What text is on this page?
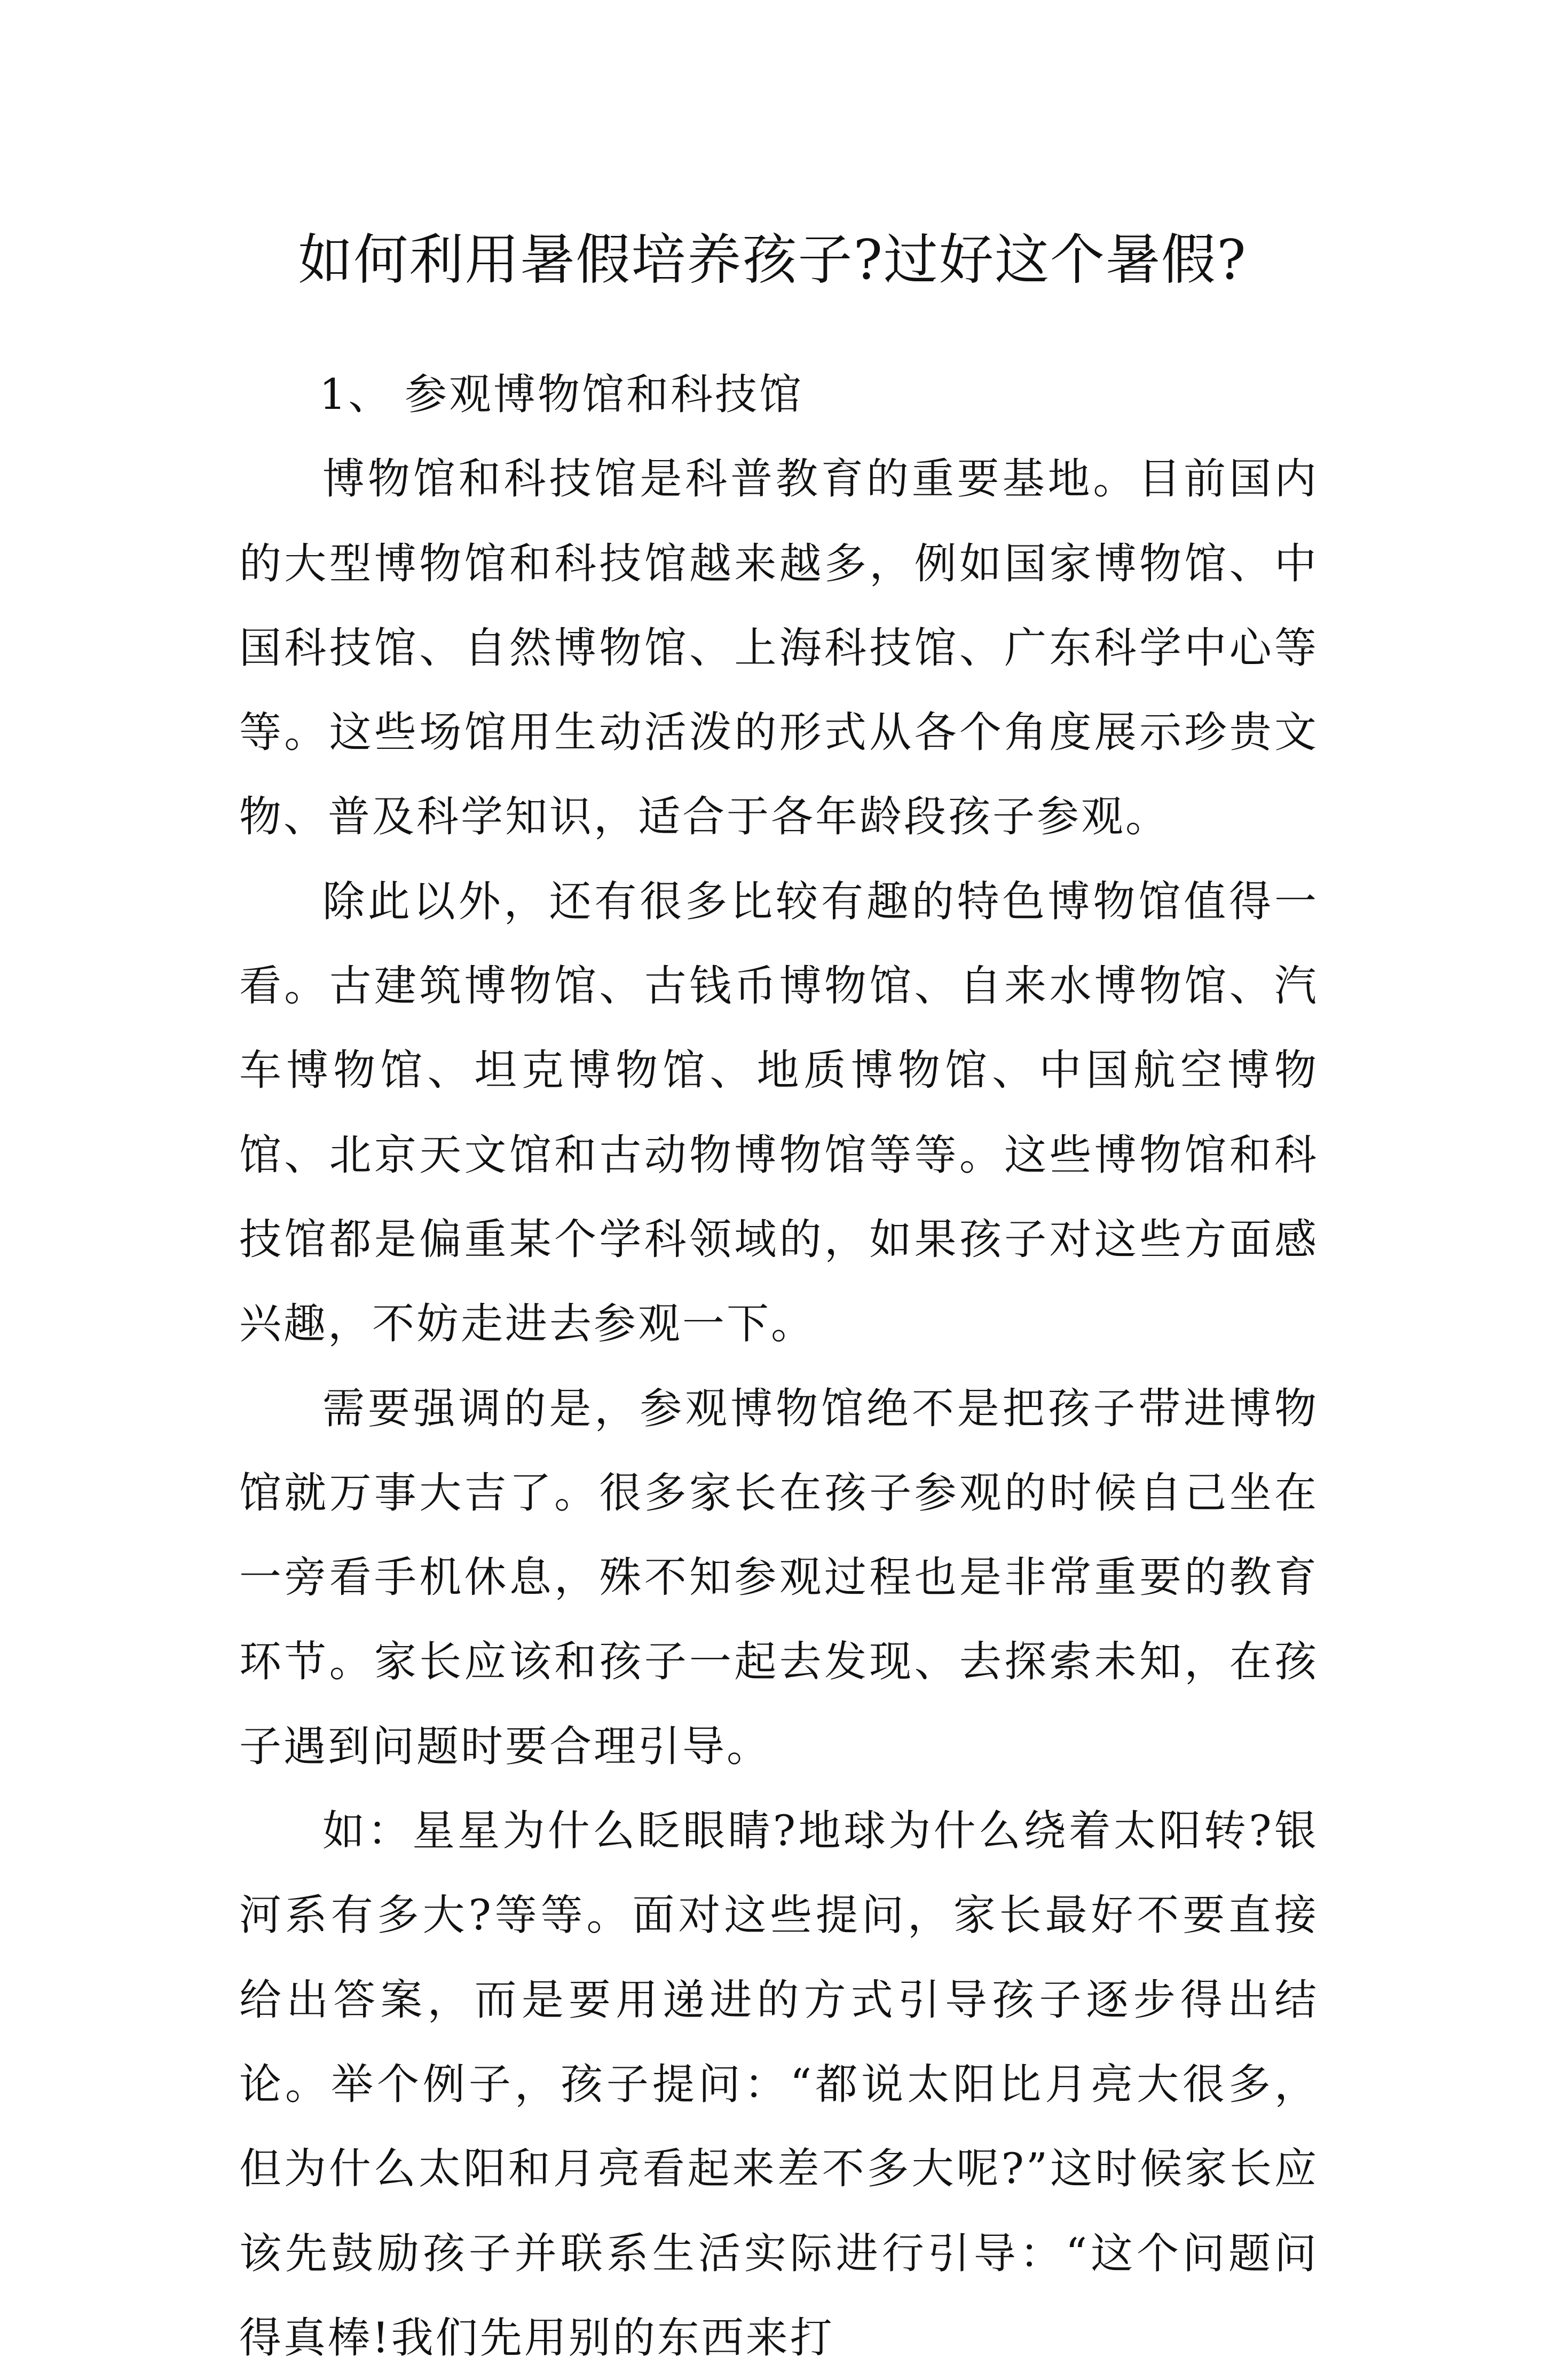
如何利用暑假培养孩子?过好这个暑假?

1、 参观博物馆和科技馆

博物馆和科技馆是科普教育的重要基地。目前国内的大型博物馆和科技馆越来越多，例如国家博物馆、中国科技馆、自然博物馆、上海科技馆、广东科学中心等等。这些场馆用生动活泼的形式从各个角度展示珍贵文物、普及科学知识，适合于各年龄段孩子参观。

除此以外，还有很多比较有趣的特色博物馆值得一看。古建筑博物馆、古钱币博物馆、自来水博物馆、汽车博物馆、坦克博物馆、地质博物馆、中国航空博物馆、北京天文馆和古动物博物馆等等。这些博物馆和科技馆都是偏重某个学科领域的，如果孩子对这些方面感兴趣，不妨走进去参观一下。

需要强调的是，参观博物馆绝不是把孩子带进博物馆就万事大吉了。很多家长在孩子参观的时候自己坐在一旁看手机休息，殊不知参观过程也是非常重要的教育环节。家长应该和孩子一起去发现、去探索未知，在孩子遇到问题时要合理引导。

如：星星为什么眨眼睛?地球为什么绕着太阳转?银河系有多大?等等。面对这些提问，家长最好不要直接给出答案，而是要用递进的方式引导孩子逐步得出结论。举个例子，孩子提问：“都说太阳比月亮大很多，但为什么太阳和月亮看起来差不多大呢?”这时候家长应该先鼓励孩子并联系生活实际进行引导：“这个问题问得真棒!我们先用别的东西来打
